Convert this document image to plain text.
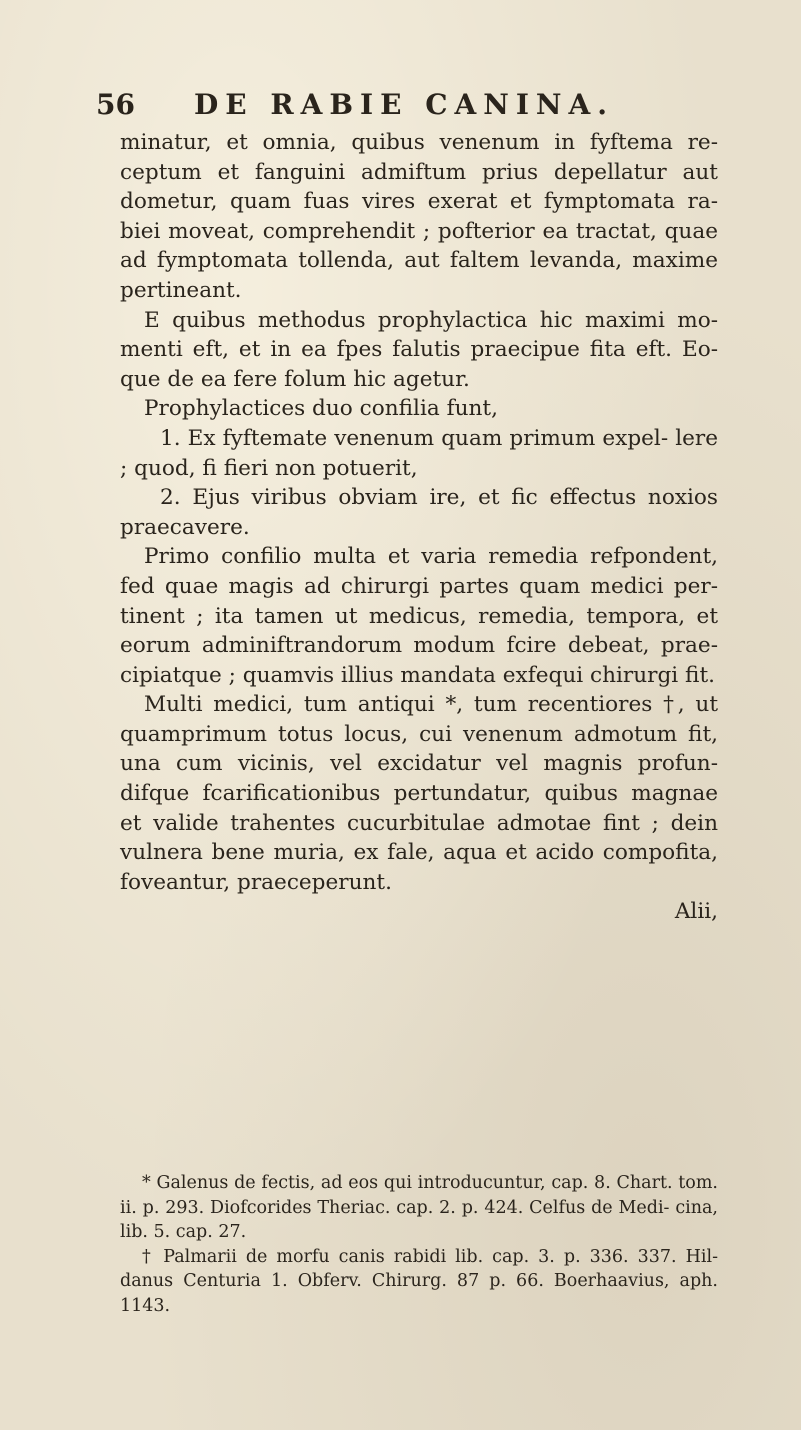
56 DE RABIE CANINA.

minatur, et omnia, quibus venenum in fyftema re- ceptum et fanguini admiftum prius depellatur aut dometur, quam fuas vires exerat et fymptomata ra- biei moveat, comprehendit ; pofterior ea tractat, quae ad fymptomata tollenda, aut faltem levanda, maxime pertineant.

E quibus methodus prophylactica hic maximi mo- menti eft, et in ea fpes falutis praecipue fita eft. Eo- que de ea fere folum hic agetur.

Prophylactices duo confilia funt,

1. Ex fyftemate venenum quam primum expel- lere ; quod, fi fieri non potuerit,

2. Ejus viribus obviam ire, et fic effectus noxios praecavere.

Primo confilio multa et varia remedia refpondent, fed quae magis ad chirurgi partes quam medici per- tinent ; ita tamen ut medicus, remedia, tempora, et eorum adminiftrandorum modum fcire debeat, prae- cipiatque ; quamvis illius mandata exfequi chirurgi fit.

Multi medici, tum antiqui *, tum recentiores †, ut quamprimum totus locus, cui venenum admotum fit, una cum vicinis, vel excidatur vel magnis profun- difque fcarificationibus pertundatur, quibus magnae et valide trahentes cucurbitulae admotae fint ; dein vulnera bene muria, ex fale, aqua et acido compofita, foveantur, praeceperunt.

Alii,

* Galenus de fectis, ad eos qui introducuntur, cap. 8. Chart. tom. ii. p. 293. Diofcorides Theriac. cap. 2. p. 424. Celfus de Medi- cina, lib. 5. cap. 27.

† Palmarii de morfu canis rabidi lib. cap. 3. p. 336. 337. Hil- danus Centuria 1. Obferv. Chirurg. 87 p. 66. Boerhaavius, aph. 1143.
